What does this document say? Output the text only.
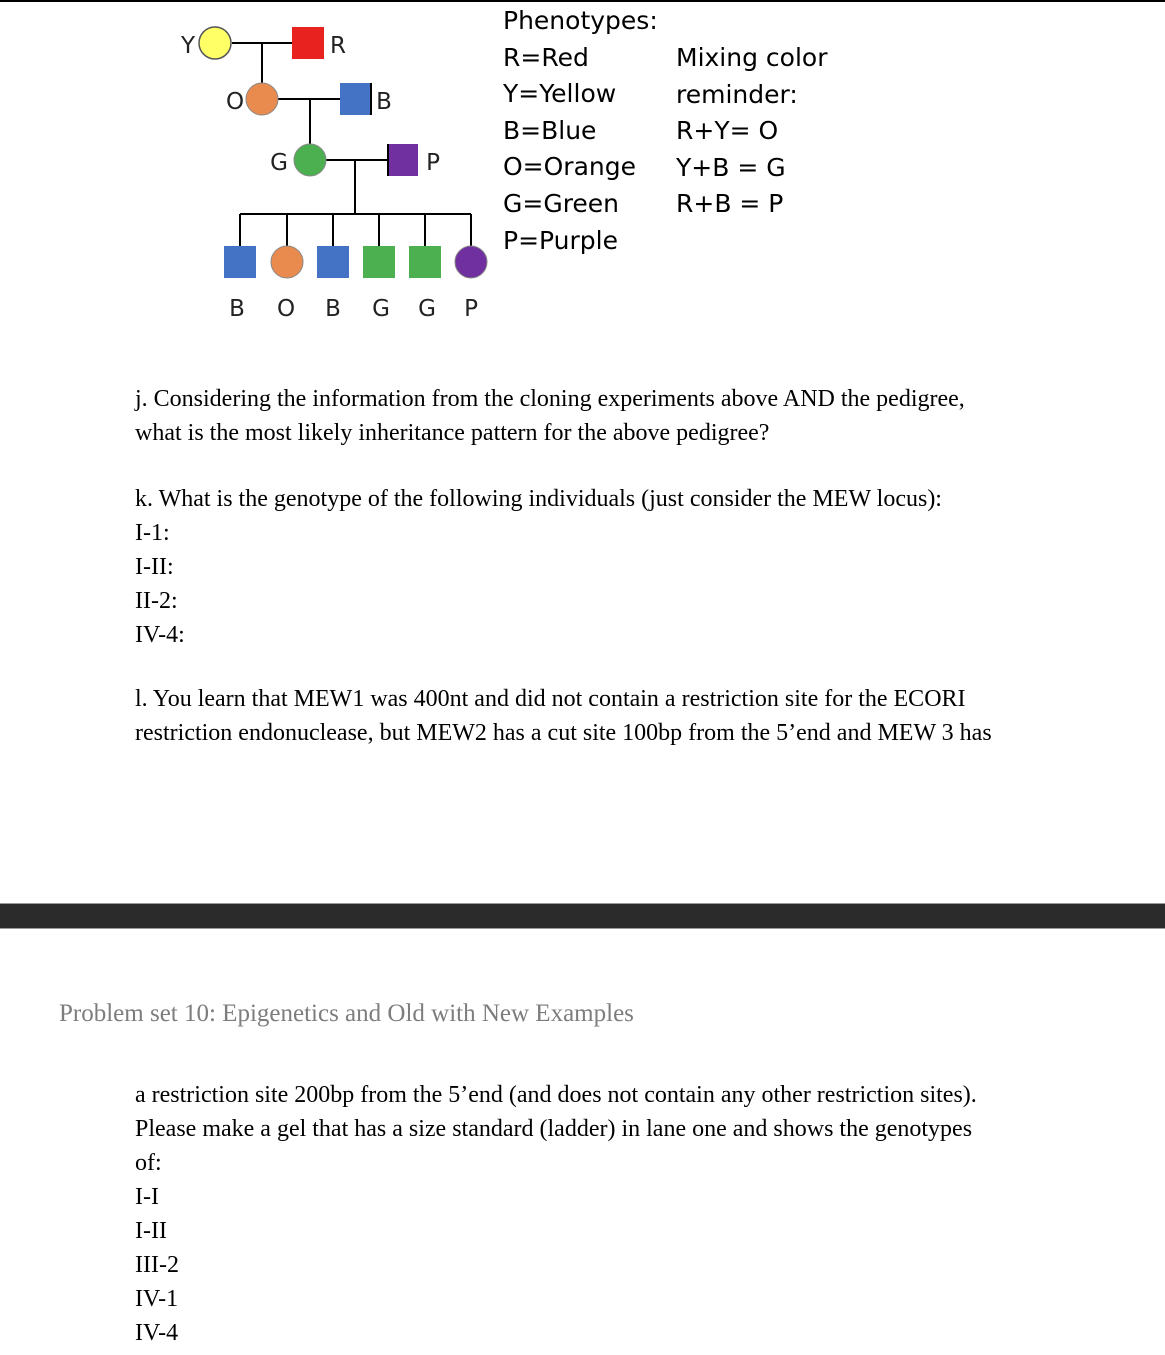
Y	R
O	B
G	P
B O B G G P
Phenotypes:
R=Red
Y=Yellow
B=Blue
O=Orange
G=Green
P=Purple
Mixing color
reminder:
R+Y= O
Y+B = G
R+B = P
j. Considering the information from the cloning experiments above AND the pedigree,
what is the most likely inheritance pattern for the above pedigree?
k. What is the genotype of the following individuals (just consider the MEW locus):
I-1:
I-II:
II-2:
IV-4:
l. You learn that MEW1 was 400nt and did not contain a restriction site for the ECORI
restriction endonuclease, but MEW2 has a cut site 100bp from the 5’end and MEW 3 has
Problem set 10: Epigenetics and Old with New Examples
a restriction site 200bp from the 5’end (and does not contain any other restriction sites).
Please make a gel that has a size standard (ladder) in lane one and shows the genotypes
of:
I-I
I-II
III-2
IV-1
IV-4
